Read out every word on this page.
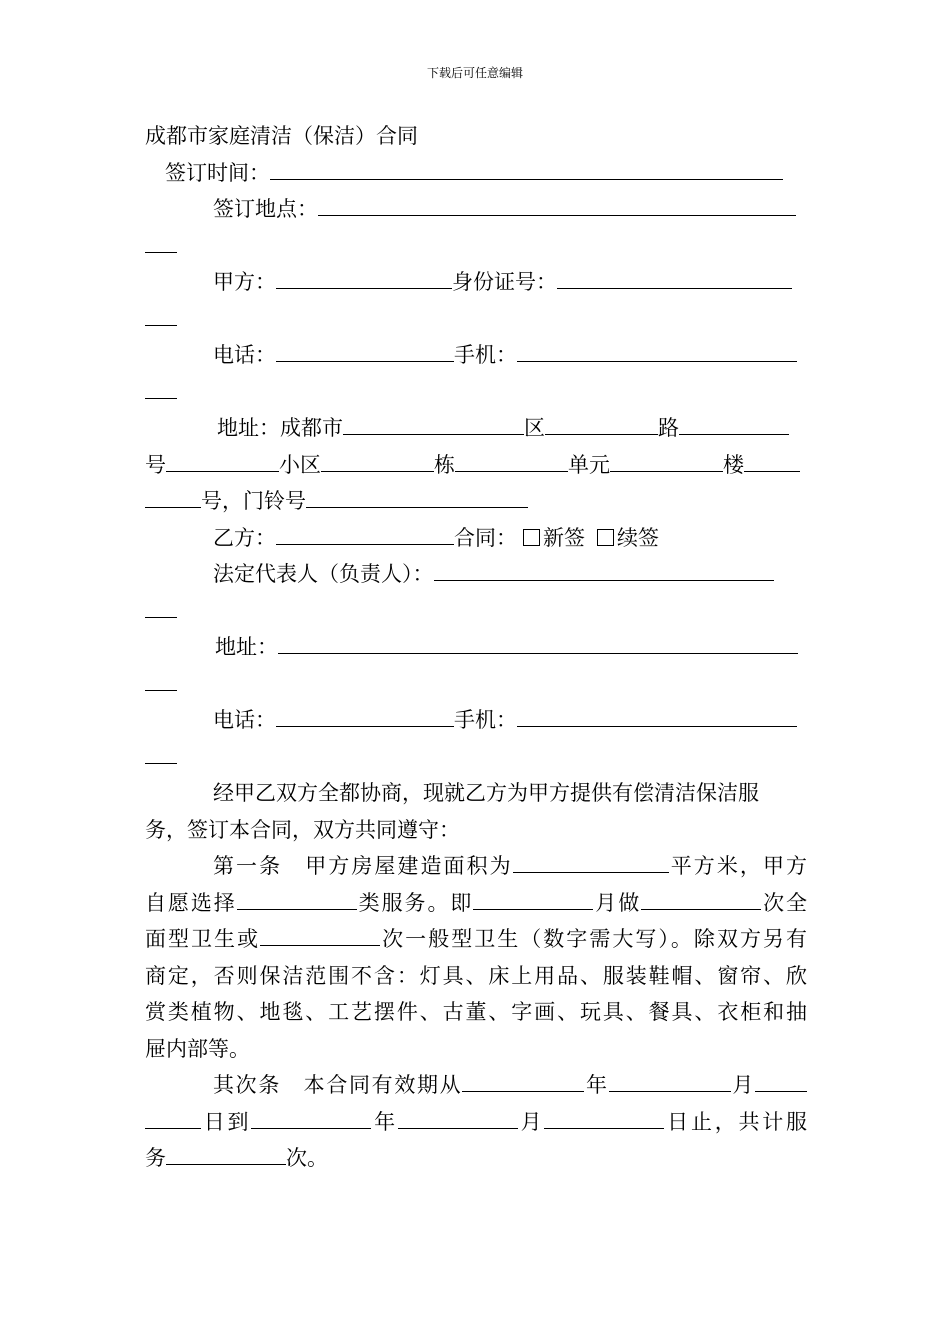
下载后可任意编辑
成都市家庭清洁（保洁）合同
签订时间：
签订地点：
甲方：	身份证号：
电话：	手机：
地址：成都市	区	路
号	小区	栋	单元	楼
号，门铃号
乙方：	合同： 新签 续签
法定代表人（负责人）：
地址：
电话：	手机：
经甲乙双方全都协商，现就乙方为甲方提供有偿清洁保洁服
务，签订本合同，双方共同遵守：
第一条　甲方房屋建造面积为	平方米，甲方
自愿选择	类服务。即	月做	次全
面型卫生或	次一般型卫生（数字需大写）。除双方另有
商定，否则保洁范围不含：灯具、床上用品、服装鞋帽、窗帘、欣
赏类植物、地毯、工艺摆件、古董、字画、玩具、餐具、衣柜和抽
屉内部等。
其次条　本合同有效期从	年	月
日到	年	月	日止，共计服
务	次。
